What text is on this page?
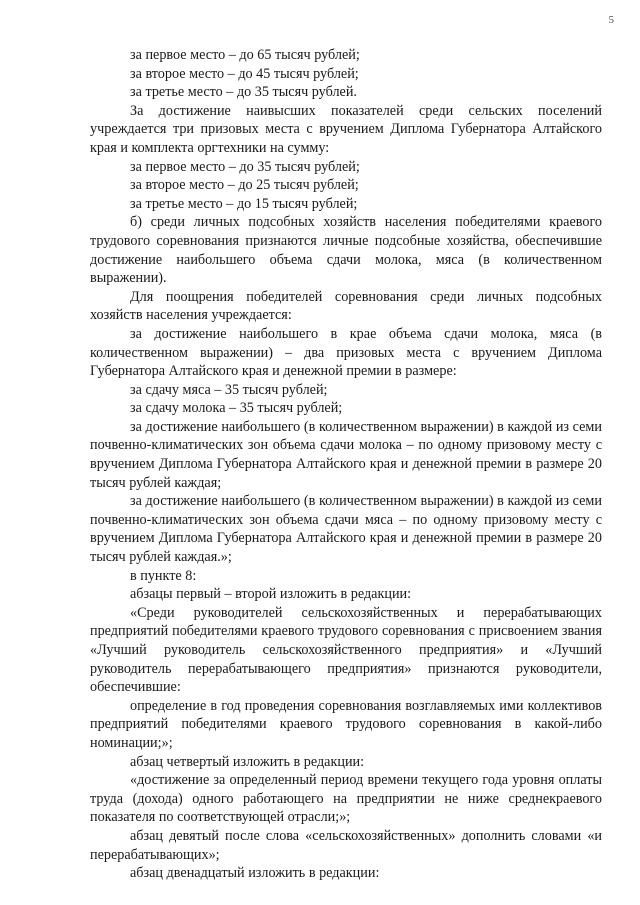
5

за первое место – до 65 тысяч рублей;

за второе место – до 45 тысяч рублей;

за третье место – до 35 тысяч рублей.

За достижение наивысших показателей среди сельских поселений учреждается три призовых места с вручением Диплома Губернатора Алтайского края и комплекта оргтехники на сумму:

за первое место – до 35 тысяч рублей;

за второе место – до 25 тысяч рублей;

за третье место – до 15 тысяч рублей;

б) среди личных подсобных хозяйств населения победителями краевого трудового соревнования признаются личные подсобные хозяйства, обеспечившие достижение наибольшего объема сдачи молока, мяса (в количественном выражении).

Для поощрения победителей соревнования среди личных подсобных хозяйств населения учреждается:

за достижение наибольшего в крае объема сдачи молока, мяса (в количественном выражении) – два призовых места с вручением Диплома Губернатора Алтайского края и денежной премии в размере:

за сдачу мяса – 35 тысяч рублей;

за сдачу молока – 35 тысяч рублей;

за достижение наибольшего (в количественном выражении) в каждой из семи почвенно-климатических зон объема сдачи молока – по одному призовому месту с вручением Диплома Губернатора Алтайского края и денежной премии в размере 20 тысяч рублей каждая;

за достижение наибольшего (в количественном выражении) в каждой из семи почвенно-климатических зон объема сдачи мяса – по одному призовому месту с вручением Диплома Губернатора Алтайского края и денежной премии в размере 20 тысяч рублей каждая.»;

в пункте 8:

абзацы первый – второй изложить в редакции:

«Среди руководителей сельскохозяйственных и перерабатывающих предприятий победителями краевого трудового соревнования с присвоением звания «Лучший руководитель сельскохозяйственного предприятия» и «Лучший руководитель перерабатывающего предприятия» признаются руководители, обеспечившие:

определение в год проведения соревнования возглавляемых ими коллективов предприятий победителями краевого трудового соревнования в какой-либо номинации;»;

абзац четвертый изложить в редакции:

«достижение за определенный период времени текущего года уровня оплаты труда (дохода) одного работающего на предприятии не ниже среднекраевого показателя по соответствующей отрасли;»;

абзац девятый после слова «сельскохозяйственных» дополнить словами «и перерабатывающих»;

абзац двенадцатый изложить в редакции:
